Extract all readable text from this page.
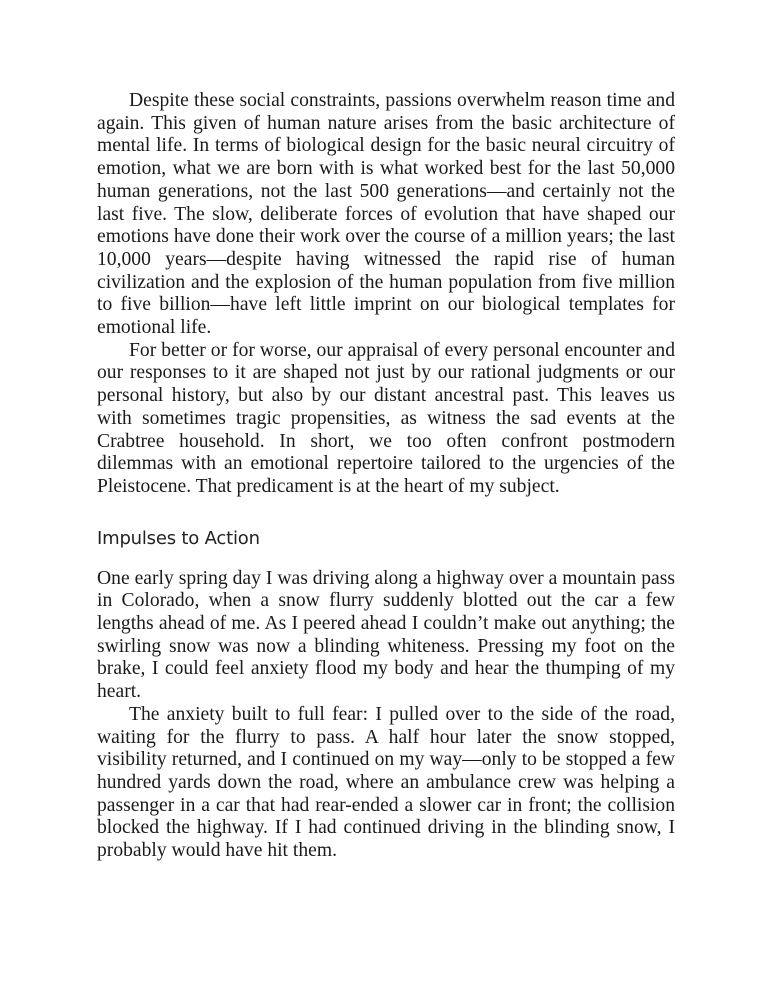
Despite these social constraints, passions overwhelm reason time and again. This given of human nature arises from the basic architecture of mental life. In terms of biological design for the basic neural circuitry of emotion, what we are born with is what worked best for the last 50,000 human generations, not the last 500 generations—and certainly not the last five. The slow, deliberate forces of evolution that have shaped our emotions have done their work over the course of a million years; the last 10,000 years—despite having witnessed the rapid rise of human civilization and the explosion of the human population from five million to five billion—have left little imprint on our biological templates for emotional life.

For better or for worse, our appraisal of every personal encounter and our responses to it are shaped not just by our rational judgments or our personal history, but also by our distant ancestral past. This leaves us with sometimes tragic propensities, as witness the sad events at the Crabtree household. In short, we too often confront postmodern dilemmas with an emotional repertoire tailored to the urgencies of the Pleistocene. That predicament is at the heart of my subject.

Impulses to Action

One early spring day I was driving along a highway over a mountain pass in Colorado, when a snow flurry suddenly blotted out the car a few lengths ahead of me. As I peered ahead I couldn’t make out anything; the swirling snow was now a blinding whiteness. Pressing my foot on the brake, I could feel anxiety flood my body and hear the thumping of my heart.

The anxiety built to full fear: I pulled over to the side of the road, waiting for the flurry to pass. A half hour later the snow stopped, visibility returned, and I continued on my way—only to be stopped a few hundred yards down the road, where an ambulance crew was helping a passenger in a car that had rear-ended a slower car in front; the collision blocked the highway. If I had continued driving in the blinding snow, I probably would have hit them.
